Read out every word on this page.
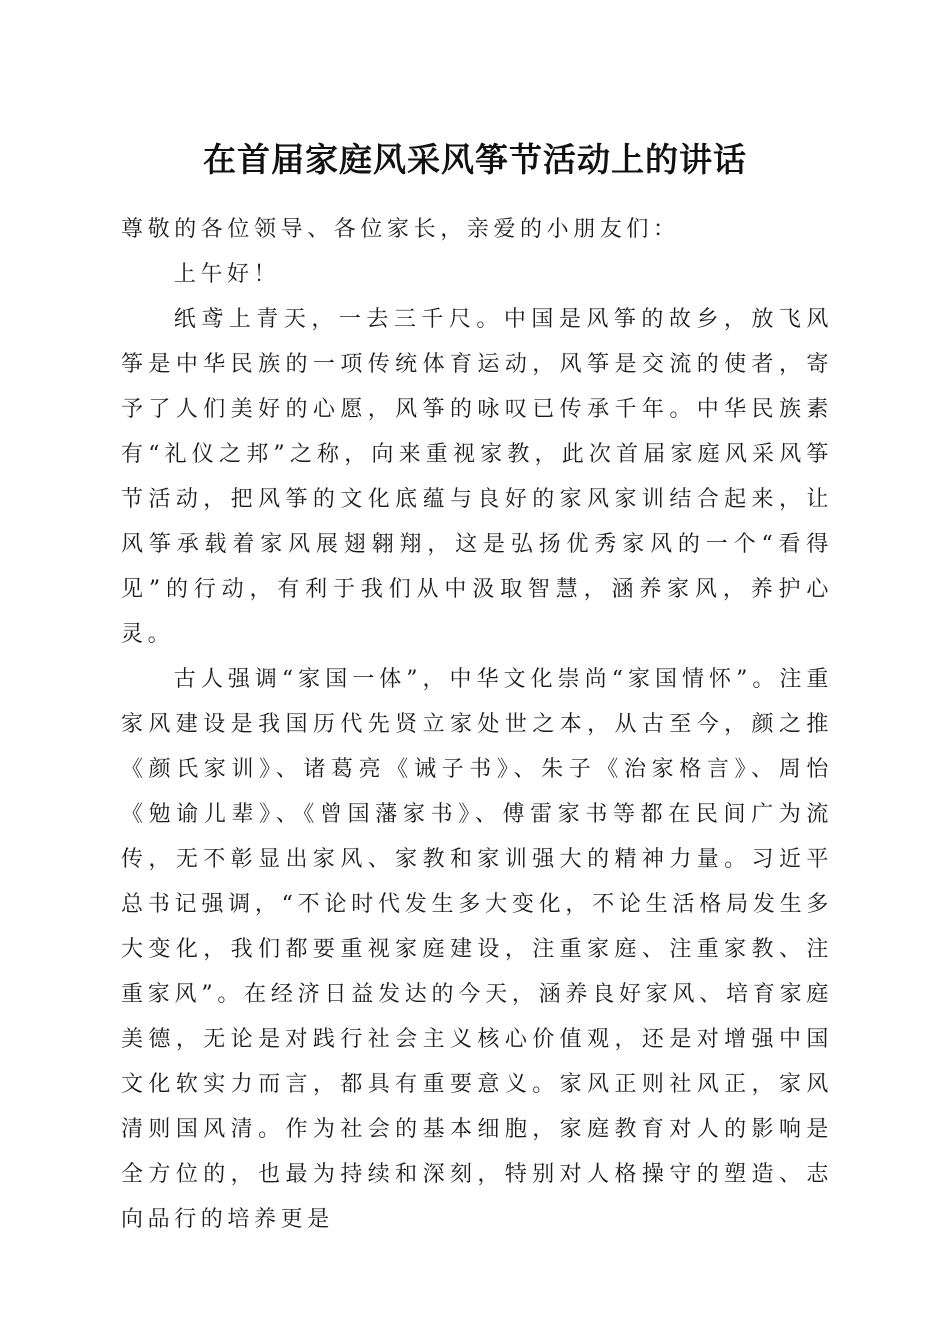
在首届家庭风采风筝节活动上的讲话

尊敬的各位领导、各位家长，亲爱的小朋友们：

上午好！

纸鸢上青天，一去三千尺。中国是风筝的故乡，放飞风筝是中华民族的一项传统体育运动，风筝是交流的使者，寄予了人们美好的心愿，风筝的咏叹已传承千年。中华民族素有“礼仪之邦”之称，向来重视家教，此次首届家庭风采风筝节活动，把风筝的文化底蕴与良好的家风家训结合起来，让风筝承载着家风展翅翱翔，这是弘扬优秀家风的一个“看得见”的行动，有利于我们从中汲取智慧，涵养家风，养护心灵。

古人强调“家国一体”，中华文化崇尚“家国情怀”。注重家风建设是我国历代先贤立家处世之本，从古至今，颜之推《颜氏家训》、诸葛亮《诫子书》、朱子《治家格言》、周怡《勉谕儿辈》、《曾国藩家书》、傅雷家书等都在民间广为流传，无不彰显出家风、家教和家训强大的精神力量。习近平总书记强调，“不论时代发生多大变化，不论生活格局发生多大变化，我们都要重视家庭建设，注重家庭、注重家教、注重家风”。在经济日益发达的今天，涵养良好家风、培育家庭美德，无论是对践行社会主义核心价值观，还是对增强中国文化软实力而言，都具有重要意义。家风正则社风正，家风清则国风清。作为社会的基本细胞，家庭教育对人的影响是全方位的，也最为持续和深刻，特别对人格操守的塑造、志向品行的培养更是
